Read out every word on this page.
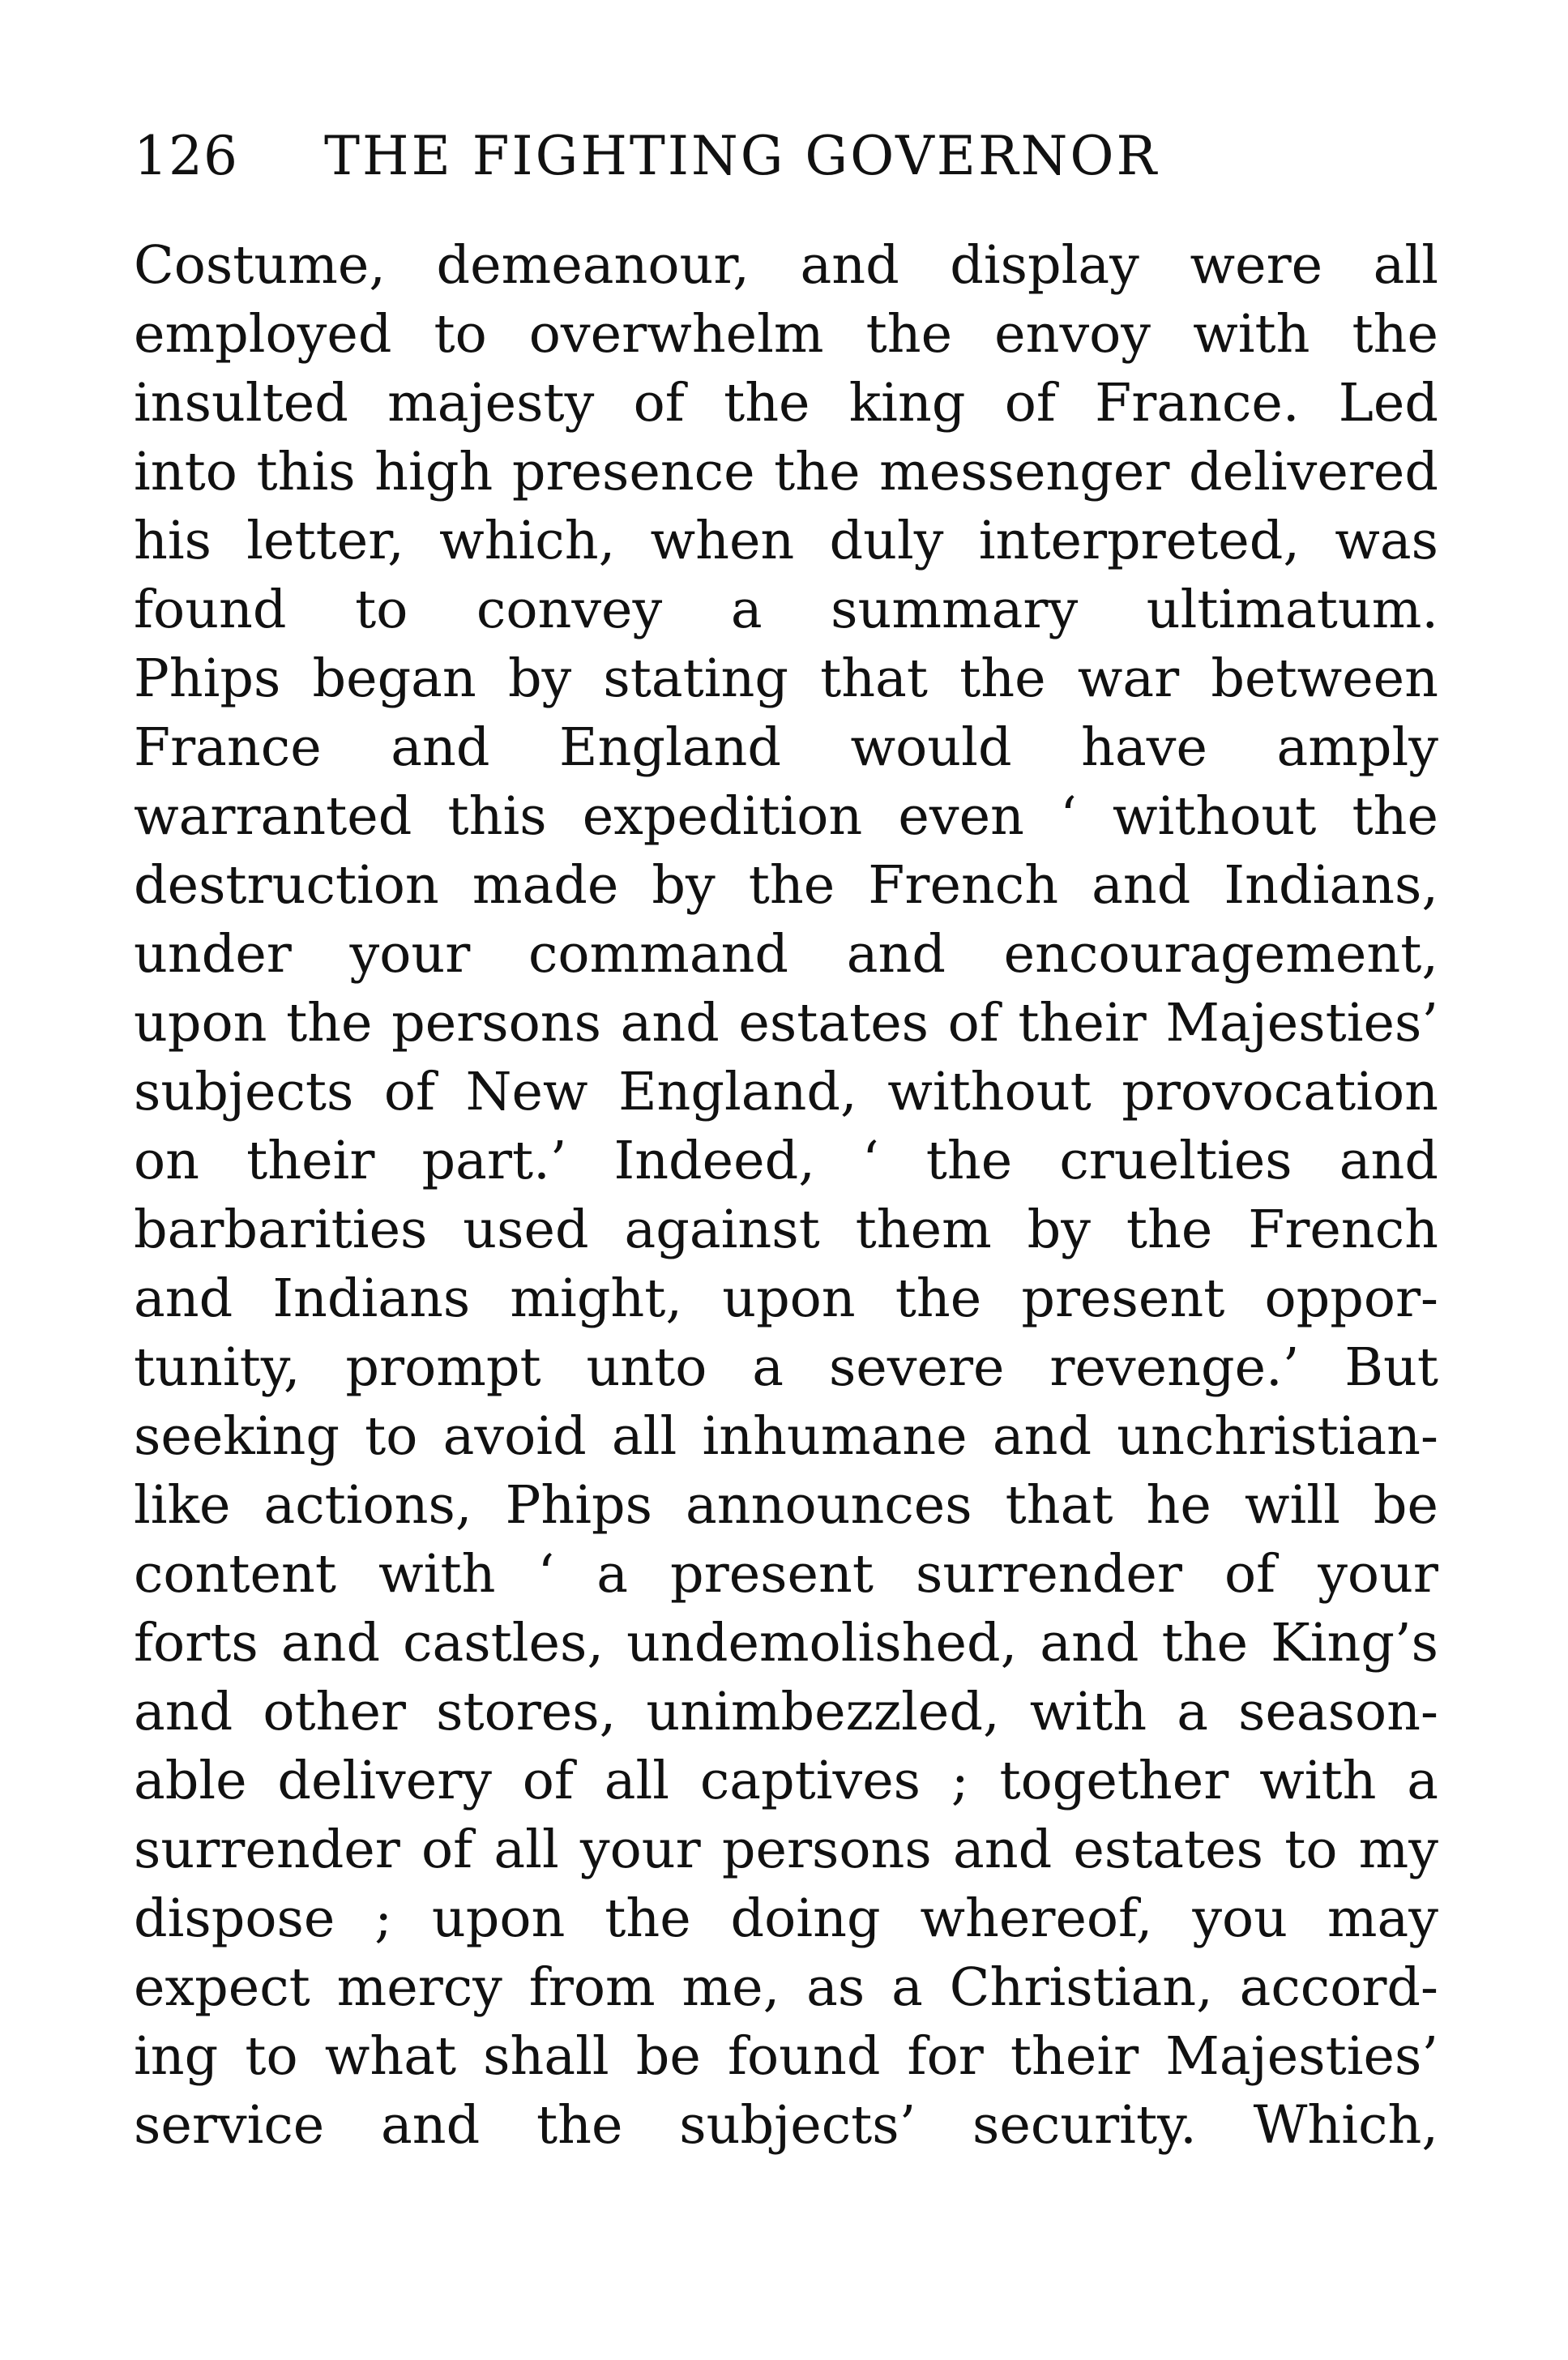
126	THE FIGHTING GOVERNOR
Costume, demeanour, and display were all
employed to overwhelm the envoy with the
insulted majesty of the king of France. Led
into this high presence the messenger delivered
his letter, which, when duly interpreted, was
found to convey a summary ultimatum.
Phips began by stating that the war between
France and England would have amply
warranted this expedition even ‘ without the
destruction made by the French and Indians,
under your command and encouragement,
upon the persons and estates of their Majesties’
subjects of New England, without provocation
on their part.’ Indeed, ‘ the cruelties and
barbarities used against them by the French
and Indians might, upon the present oppor-
tunity, prompt unto a severe revenge.’ But
seeking to avoid all inhumane and unchristian-
like actions, Phips announces that he will be
content with ‘ a present surrender of your
forts and castles, undemolished, and the King’s
and other stores, unimbezzled, with a season-
able delivery of all captives ; together with a
surrender of all your persons and estates to my
dispose ; upon the doing whereof, you may
expect mercy from me, as a Christian, accord-
ing to what shall be found for their Majesties’
service and the subjects’ security. Which,
